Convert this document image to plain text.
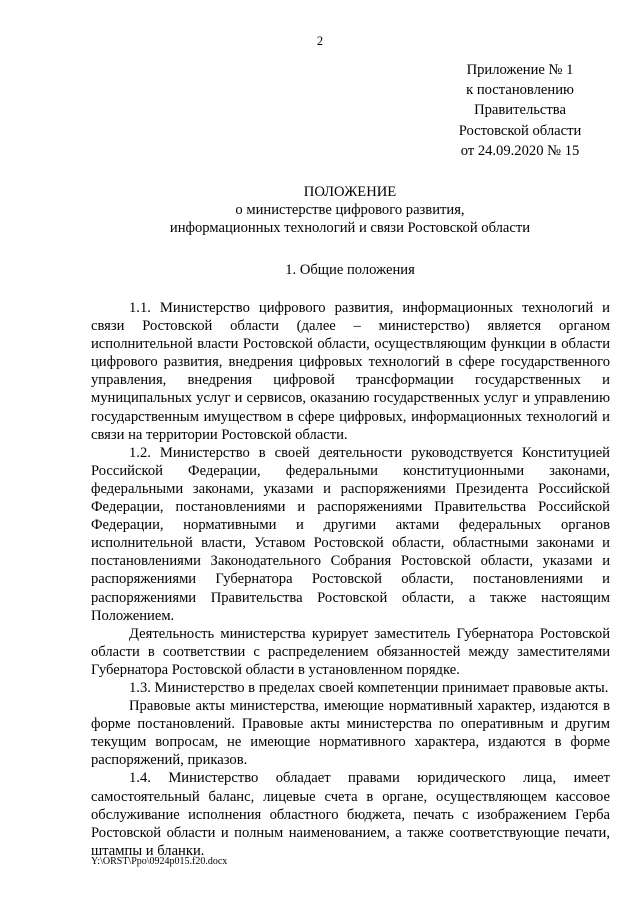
2
Приложение № 1
к постановлению
Правительства
Ростовской области
от 24.09.2020 № 15
ПОЛОЖЕНИЕ
о министерстве цифрового развития,
информационных технологий и связи Ростовской области
1. Общие положения

1.1. Министерство цифрового развития, информационных технологий и связи Ростовской области (далее – министерство) является органом исполнительной власти Ростовской области, осуществляющим функции в области цифрового развития, внедрения цифровых технологий в сфере государственного управления, внедрения цифровой трансформации государственных и муниципальных услуг и сервисов, оказанию государственных услуг и управлению государственным имуществом в сфере цифровых, информационных технологий и связи на территории Ростовской области.

1.2. Министерство в своей деятельности руководствуется Конституцией Российской Федерации, федеральными конституционными законами, федеральными законами, указами и распоряжениями Президента Российской Федерации, постановлениями и распоряжениями Правительства Российской Федерации, нормативными и другими актами федеральных органов исполнительной власти, Уставом Ростовской области, областными законами и постановлениями Законодательного Собрания Ростовской области, указами и распоряжениями Губернатора Ростовской области, постановлениями и распоряжениями Правительства Ростовской области, а также настоящим Положением.

Деятельность министерства курирует заместитель Губернатора Ростовской области в соответствии с распределением обязанностей между заместителями Губернатора Ростовской области в установленном порядке.

1.3. Министерство в пределах своей компетенции принимает правовые акты.

Правовые акты министерства, имеющие нормативный характер, издаются в форме постановлений. Правовые акты министерства по оперативным и другим текущим вопросам, не имеющие нормативного характера, издаются в форме распоряжений, приказов.

1.4. Министерство обладает правами юридического лица, имеет самостоятельный баланс, лицевые счета в органе, осуществляющем кассовое обслуживание исполнения областного бюджета, печать с изображением Герба Ростовской области и полным наименованием, а также соответствующие печати, штампы и бланки.

Y:\ORST\Ppo\0924p015.f20.docx
